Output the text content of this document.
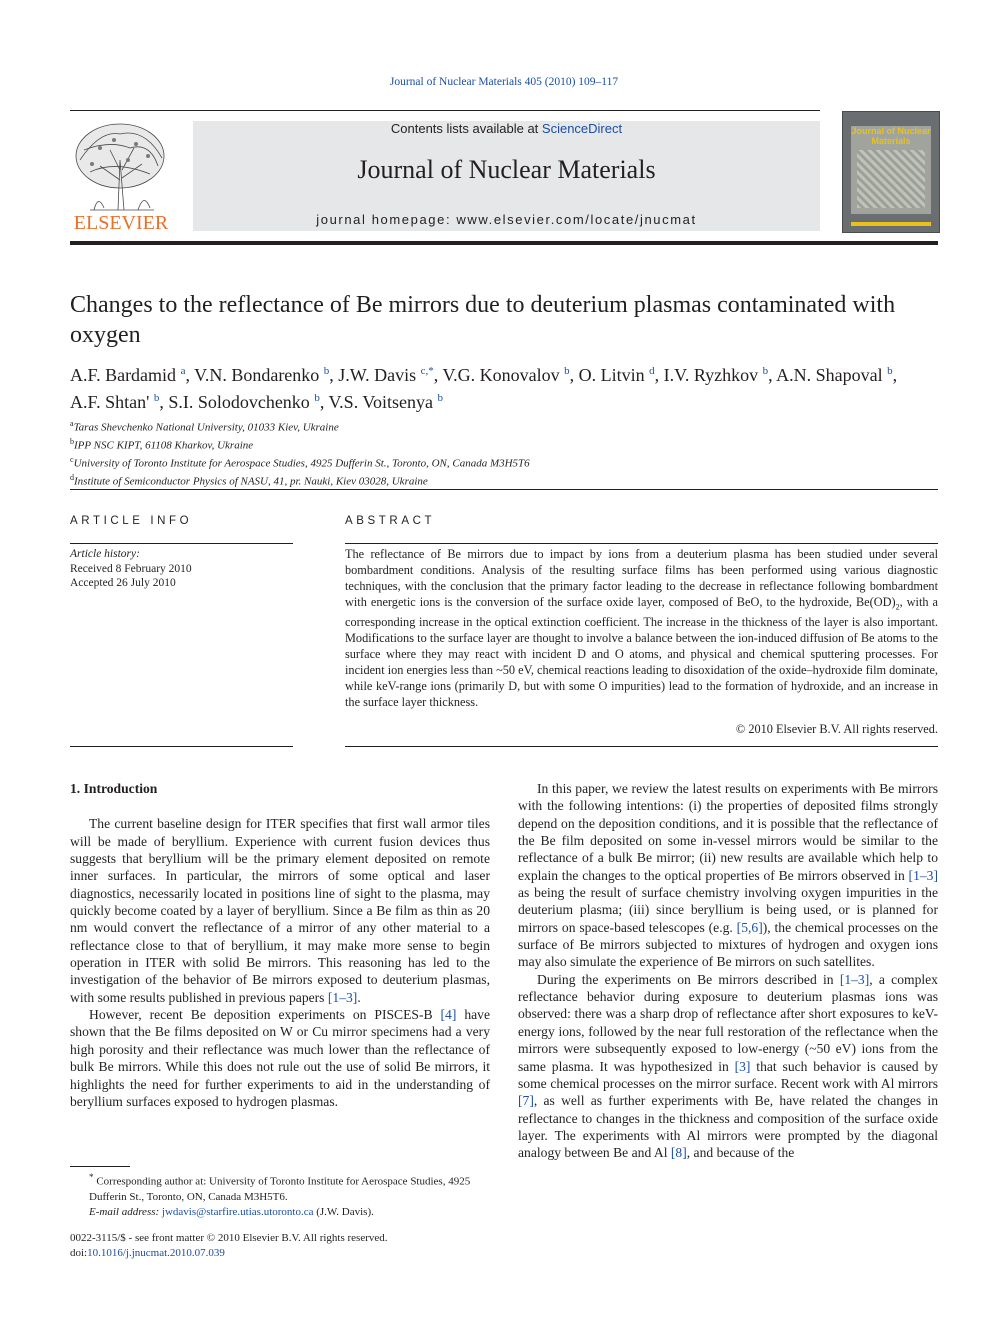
Journal of Nuclear Materials 405 (2010) 109–117
ELSEVIER
Contents lists available at ScienceDirect
Journal of Nuclear Materials
journal homepage: www.elsevier.com/locate/jnucmat
Journal of Nuclear Materials
Changes to the reflectance of Be mirrors due to deuterium plasmas contaminated with oxygen
A.F. Bardamid $^a$, V.N. Bondarenko $^b$, J.W. Davis $^{c,*}$, V.G. Konovalov $^b$, O. Litvin $^d$, I.V. Ryzhkov $^b$, A.N. Shapoval $^b$,
A.F. Shtan' $^b$, S.I. Solodovchenko $^b$, V.S. Voitsenya $^b$
$^a$Taras Shevchenko National University, 01033 Kiev, Ukraine
$^b$IPP NSC KIPT, 61108 Kharkov, Ukraine
$^c$University of Toronto Institute for Aerospace Studies, 4925 Dufferin St., Toronto, ON, Canada M3H5T6
$^d$Institute of Semiconductor Physics of NASU, 41, pr. Nauki, Kiev 03028, Ukraine
ARTICLE INFO
Article history:
Received 8 February 2010
Accepted 26 July 2010
ABSTRACT
The reflectance of Be mirrors due to impact by ions from a deuterium plasma has been studied under several bombardment conditions. Analysis of the resulting surface films has been performed using various diagnostic techniques, with the conclusion that the primary factor leading to the decrease in reflectance following bombardment with energetic ions is the conversion of the surface oxide layer, composed of BeO, to the hydroxide, $Be(OD)_2$, with a corresponding increase in the optical extinction coefficient. The increase in the thickness of the layer is also important. Modifications to the surface layer are thought to involve a balance between the ion-induced diffusion of Be atoms to the surface where they may react with incident D and O atoms, and physical and chemical sputtering processes. For incident ion energies less than ~50 eV, chemical reactions leading to disoxidation of the oxide–hydroxide film dominate, while keV-range ions (primarily D, but with some O impurities) lead to the formation of hydroxide, and an increase in the surface layer thickness.
© 2010 Elsevier B.V. All rights reserved.

1. Introduction

The current baseline design for ITER specifies that first wall armor tiles will be made of beryllium. Experience with current fusion devices thus suggests that beryllium will be the primary element deposited on remote inner surfaces. In particular, the mirrors of some optical and laser diagnostics, necessarily located in positions line of sight to the plasma, may quickly become coated by a layer of beryllium. Since a Be film as thin as 20 nm would convert the reflectance of a mirror of any other material to a reflectance close to that of beryllium, it may make more sense to begin operation in ITER with solid Be mirrors. This reasoning has led to the investigation of the behavior of Be mirrors exposed to deuterium plasmas, with some results published in previous papers [1–3].

However, recent Be deposition experiments on PISCES-B [4] have shown that the Be films deposited on W or Cu mirror specimens had a very high porosity and their reflectance was much lower than the reflectance of bulk Be mirrors. While this does not rule out the use of solid Be mirrors, it highlights the need for further experiments to aid in the understanding of beryllium surfaces exposed to hydrogen plasmas.

In this paper, we review the latest results on experiments with Be mirrors with the following intentions: (i) the properties of deposited films strongly depend on the deposition conditions, and it is possible that the reflectance of the Be film deposited on some in-vessel mirrors would be similar to the reflectance of a bulk Be mirror; (ii) new results are available which help to explain the changes to the optical properties of Be mirrors observed in [1–3] as being the result of surface chemistry involving oxygen impurities in the deuterium plasma; (iii) since beryllium is being used, or is planned for mirrors on space-based telescopes (e.g. [5,6]), the chemical processes on the surface of Be mirrors subjected to mixtures of hydrogen and oxygen ions may also simulate the experience of Be mirrors on such satellites.

During the experiments on Be mirrors described in [1–3], a complex reflectance behavior during exposure to deuterium plasmas ions was observed: there was a sharp drop of reflectance after short exposures to keV-energy ions, followed by the near full restoration of the reflectance when the mirrors were subsequently exposed to low-energy (~50 eV) ions from the same plasma. It was hypothesized in [3] that such behavior is caused by some chemical processes on the mirror surface. Recent work with Al mirrors [7], as well as further experiments with Be, have related the changes in reflectance to changes in the thickness and composition of the surface oxide layer. The experiments with Al mirrors were prompted by the diagonal analogy between Be and Al [8], and because of the

* Corresponding author at: University of Toronto Institute for Aerospace Studies, 4925 Dufferin St., Toronto, ON, Canada M3H5T6.
E-mail address: jwdavis@starfire.utias.utoronto.ca (J.W. Davis).
0022-3115/$ - see front matter © 2010 Elsevier B.V. All rights reserved.
doi:10.1016/j.jnucmat.2010.07.039
